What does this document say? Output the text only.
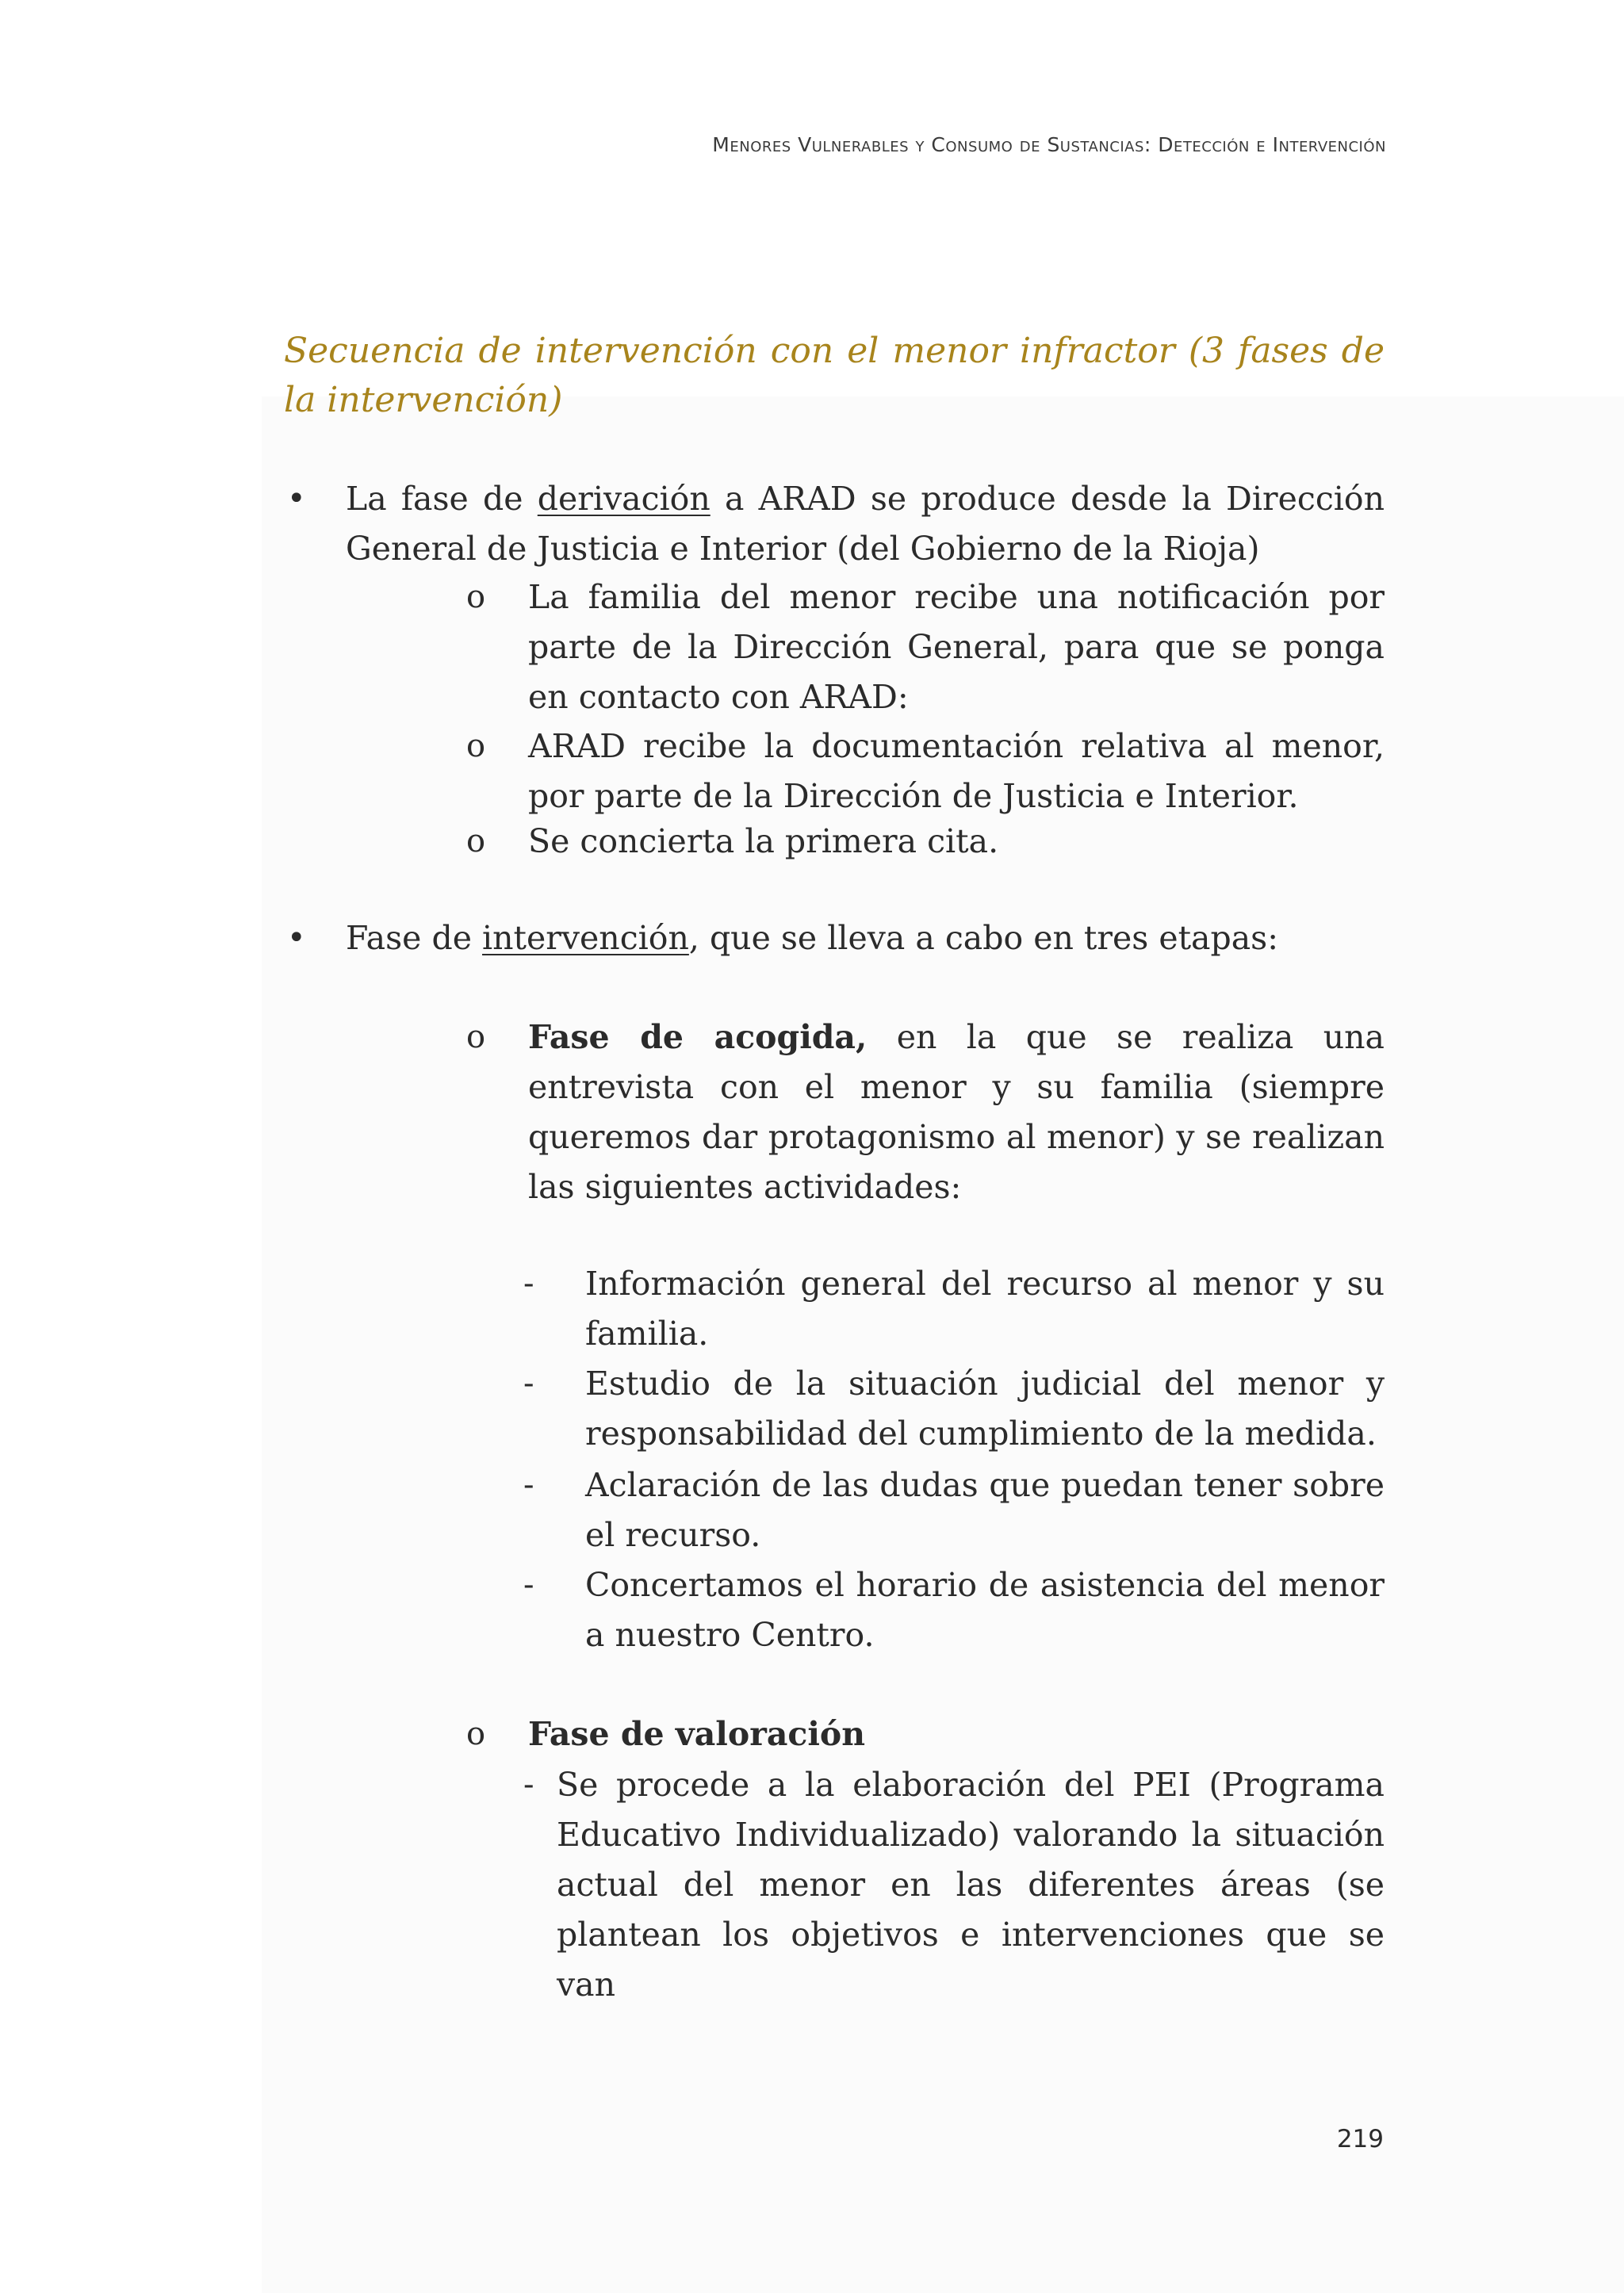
Menores Vulnerables y Consumo de Sustancias: Detección e Intervención
Secuencia de intervención con el menor infractor (3 fases de la intervención)
• La fase de derivación a ARAD se produce desde la Dirección General de Justicia e Interior (del Gobierno de la Rioja)
o La familia del menor recibe una notificación por parte de la Dirección General, para que se ponga en contacto con ARAD:
o ARAD recibe la documentación relativa al menor, por parte de la Dirección de Justicia e Interior.
o Se concierta la primera cita.
• Fase de intervención, que se lleva a cabo en tres etapas:
o Fase de acogida, en la que se realiza una entrevista con el menor y su familia (siempre queremos dar protagonismo al menor) y se realizan las siguientes actividades:
- Información general del recurso al menor y su familia.
- Estudio de la situación judicial del menor y responsabilidad del cumplimiento de la medida.
- Aclaración de las dudas que puedan tener sobre el recurso.
- Concertamos el horario de asistencia del menor a nuestro Centro.
o Fase de valoración
- Se procede a la elaboración del PEI (Programa Educativo Individualizado) valorando la situación actual del menor en las diferentes áreas (se plantean los objetivos e intervenciones que se van
219
